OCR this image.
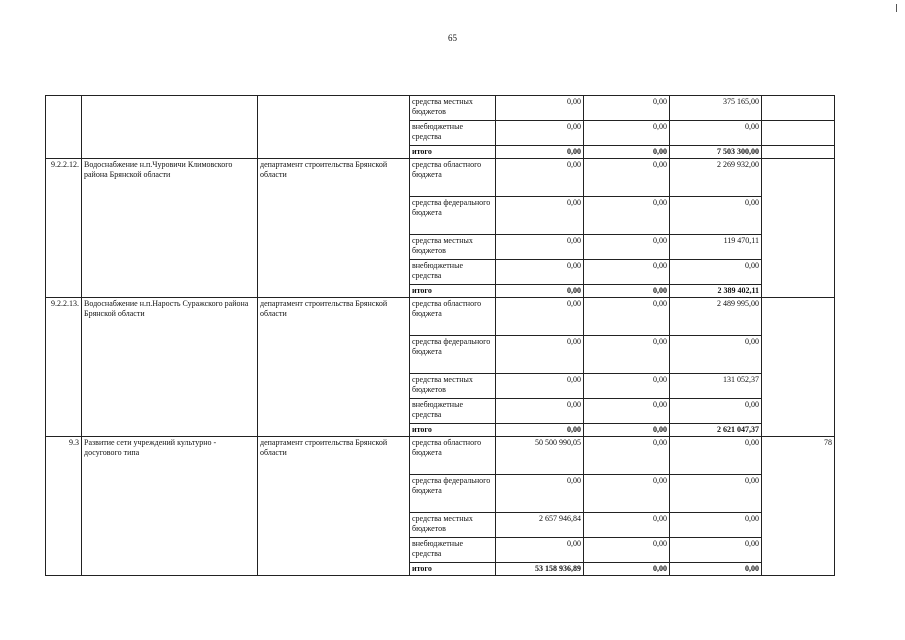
65
			средства местных бюджетов	0,00	0,00	375 165,00	
			внебюджетные средства	0,00	0,00	0,00	
			итого	0,00	0,00	7 503 300,00	
9.2.2.12.	Водоснабжение н.п.Чуровичи Климовского района Брянской области	департамент строительства Брянской области	средства областного бюджета	0,00	0,00	2 269 932,00	
			средства федерального бюджета	0,00	0,00	0,00	
			средства местных бюджетов	0,00	0,00	119 470,11	
			внебюджетные средства	0,00	0,00	0,00	
			итого	0,00	0,00	2 389 402,11	
9.2.2.13.	Водоснабжение н.п.Нарость Суражского района Брянской области	департамент строительства Брянской области	средства областного бюджета	0,00	0,00	2 489 995,00	
			средства федерального бюджета	0,00	0,00	0,00	
			средства местных бюджетов	0,00	0,00	131 052,37	
			внебюджетные средства	0,00	0,00	0,00	
			итого	0,00	0,00	2 621 047,37	
9.3	Развитие сети учреждений культурно - досугового типа	департамент строительства Брянской области	средства областного бюджета	50 500 990,05	0,00	0,00	78
			средства федерального бюджета	0,00	0,00	0,00	
			средства местных бюджетов	2 657 946,84	0,00	0,00	
			внебюджетные средства	0,00	0,00	0,00	
			итого	53 158 936,89	0,00	0,00	
